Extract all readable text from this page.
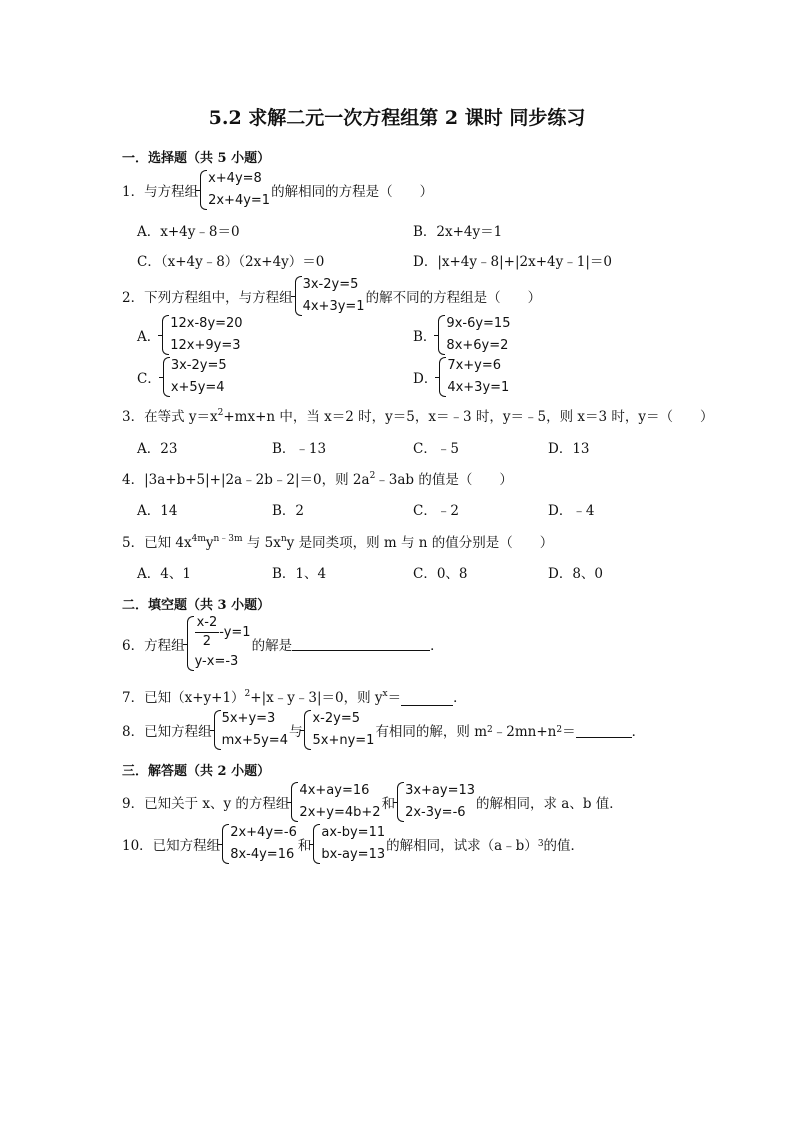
5.2 求解二元一次方程组第 2 课时 同步练习
一．选择题（共 5 小题）
1．与方程组
x+4y=8
2x+4y=1
的解相同的方程是（　　）
A．x+4y﹣8＝0	B．2x+4y＝1
C．（x+4y﹣8）（2x+4y）＝0	D．|x+4y﹣8|+|2x+4y﹣1|＝0
2．下列方程组中，与方程组
3x-2y=5
4x+3y=1
的解不同的方程组是（　　）
A．
12x-8y=20
12x+9y=3
B．
9x-6y=15
8x+6y=2
C．
3x-2y=5
x+5y=4
D．
7x+y=6
4x+3y=1
3．在等式 $y=x^2+mx+n$ 中，当 x＝2 时，y＝5，x＝﹣3 时，y＝﹣5，则 x＝3 时，y＝（　　）
A．23	B．﹣13	C．﹣5	D．13
4．|3a+b+5|+|2a﹣2b﹣2|＝0，则 $2a^2﹣3ab$ 的值是（　　）
A．14	B．2	C．﹣2	D．﹣4
5．已知 $4x^{4m}y^{n﹣3m}$ 与 $5x^ny$ 是同类项，则 m 与 n 的值分别是（　　）
A．4、1	B．1、4	C．0、8	D．8、0
二．填空题（共 3 小题）
6．方程组 $\frac{x-2}{2} -y=1$
y-x=-3
的解是	．
7．已知$(x+y+1)^2+|x﹣y﹣3|=0$，则 $y^x=$	．
8．已知方程组
5x+y=3
mx+5y=4
与
x-2y=5
5x+ny=1
有相同的解，则 m 2 ﹣2mn+n 2 ＝	．
三．解答题（共 2 小题）
9．已知关于 x、y 的方程组
4x+ay=16
2x+y=4b+2
和
3x+ay=13
2x-3y=-6
的解相同，求 a、b 值．
10．已知方程组
2x+4y=-6
8x-4y=16
和
ax-by=11
bx-ay=13
的解相同，试求（a﹣b） 3 的值．
